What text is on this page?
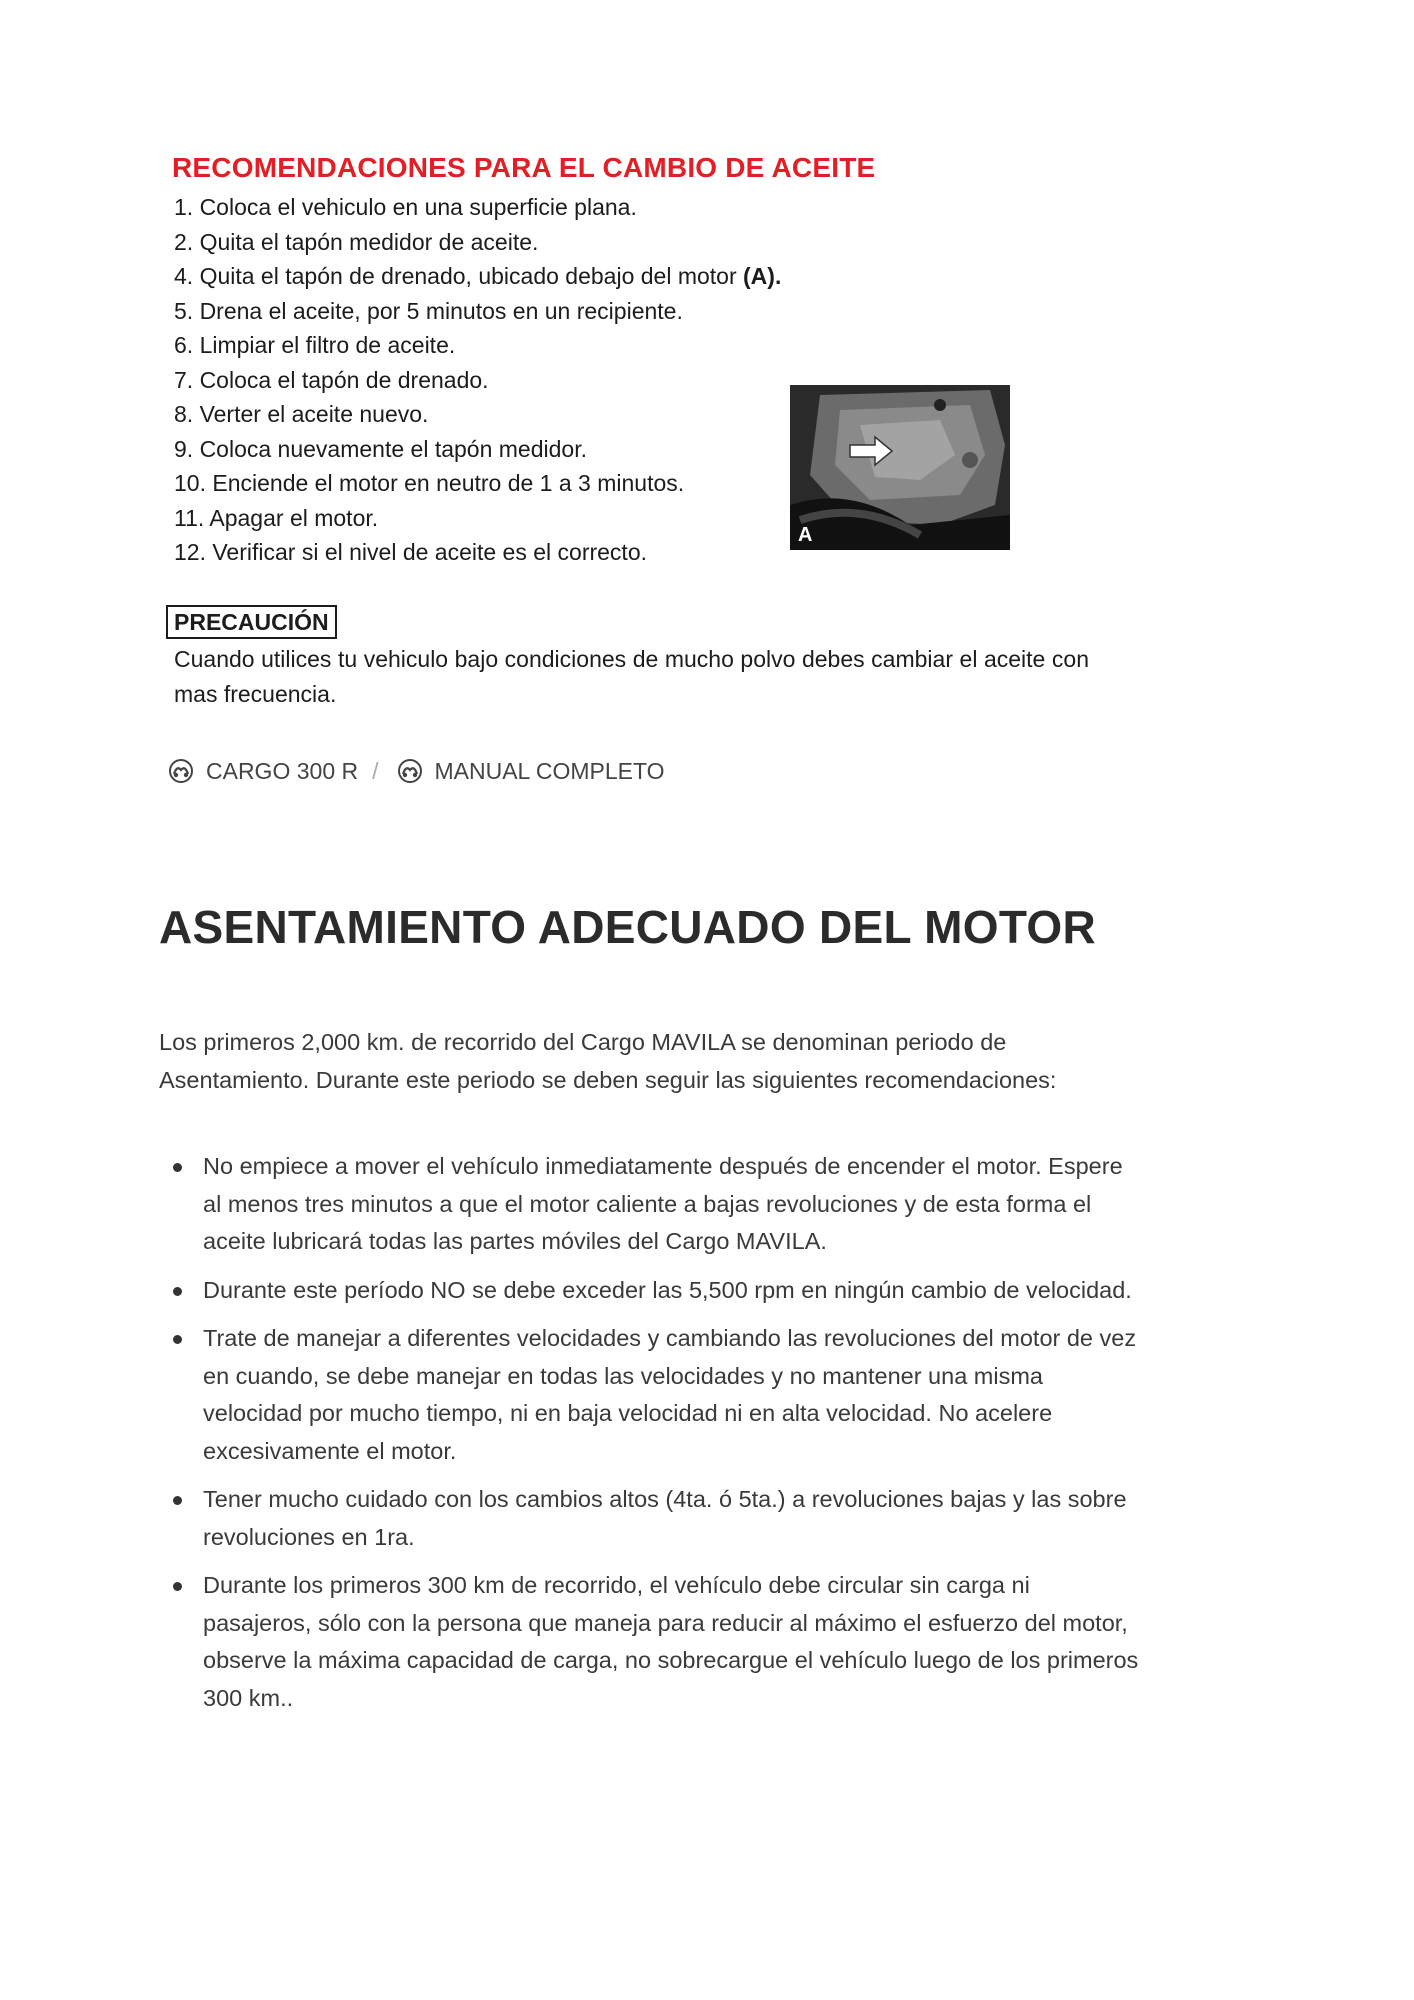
RECOMENDACIONES PARA EL CAMBIO DE ACEITE
1. Coloca el vehiculo en una superficie plana.
2. Quita el tapón medidor de aceite.
4. Quita el tapón de drenado, ubicado debajo del motor (A).
5. Drena el aceite, por 5 minutos en un recipiente.
6. Limpiar el filtro de aceite.
7. Coloca el tapón de drenado.
8. Verter el aceite nuevo.
9. Coloca nuevamente el tapón medidor.
10. Enciende el motor en neutro de 1 a 3 minutos.
11. Apagar el motor.
12. Verificar si el nivel de aceite es el correcto.
A
PRECAUCIÓN
Cuando utilices tu vehiculo bajo condiciones de mucho polvo debes cambiar el aceite con mas frecuencia.
CARGO 300 R / MANUAL COMPLETO
ASENTAMIENTO ADECUADO DEL MOTOR

Los primeros 2,000 km. de recorrido del Cargo MAVILA se denominan periodo de Asentamiento. Durante este periodo se deben seguir las siguientes recomendaciones:

No empiece a mover el vehículo inmediatamente después de encender el motor. Espere al menos tres minutos a que el motor caliente a bajas revoluciones y de esta forma el aceite lubricará todas las partes móviles del Cargo MAVILA.
Durante este período NO se debe exceder las 5,500 rpm en ningún cambio de velocidad.
Trate de manejar a diferentes velocidades y cambiando las revoluciones del motor de vez en cuando, se debe manejar en todas las velocidades y no mantener una misma velocidad por mucho tiempo, ni en baja velocidad ni en alta velocidad. No acelere excesivamente el motor.
Tener mucho cuidado con los cambios altos (4ta. ó 5ta.) a revoluciones bajas y las sobre revoluciones en 1ra.
Durante los primeros 300 km de recorrido, el vehículo debe circular sin carga ni pasajeros, sólo con la persona que maneja para reducir al máximo el esfuerzo del motor, observe la máxima capacidad de carga, no sobrecargue el vehículo luego de los primeros 300 km..
